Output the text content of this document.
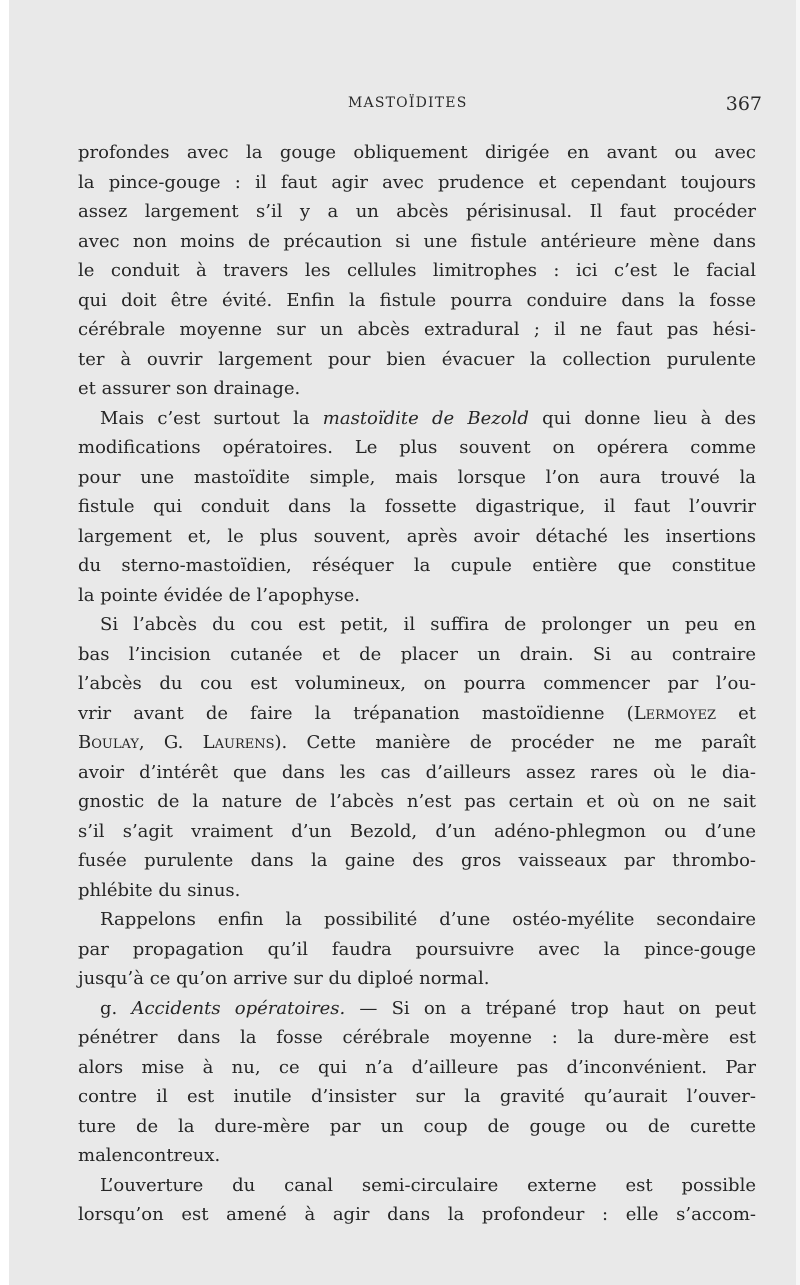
MASTOÏDITES	367
profondes avec la gouge obliquement dirigée en avant ou avec
la pince-gouge : il faut agir avec prudence et cependant toujours
assez largement s’il y a un abcès périsinusal. Il faut procéder
avec non moins de précaution si une fistule antérieure mène dans
le conduit à travers les cellules limitrophes : ici c’est le facial
qui doit être évité. Enfin la fistule pourra conduire dans la fosse
cérébrale moyenne sur un abcès extradural ; il ne faut pas hési-
ter à ouvrir largement pour bien évacuer la collection purulente
et assurer son drainage.
Mais c’est surtout la mastoïdite de Bezold qui donne lieu à des
modifications opératoires. Le plus souvent on opérera comme
pour une mastoïdite simple, mais lorsque l’on aura trouvé la
fistule qui conduit dans la fossette digastrique, il faut l’ouvrir
largement et, le plus souvent, après avoir détaché les insertions
du sterno-mastoïdien, réséquer la cupule entière que constitue
la pointe évidée de l’apophyse.
Si l’abcès du cou est petit, il suffira de prolonger un peu en
bas l’incision cutanée et de placer un drain. Si au contraire
l’abcès du cou est volumineux, on pourra commencer par l’ou-
vrir avant de faire la trépanation mastoïdienne (Lermoyez et
Boulay, G. Laurens). Cette manière de procéder ne me paraît
avoir d’intérêt que dans les cas d’ailleurs assez rares où le dia-
gnostic de la nature de l’abcès n’est pas certain et où on ne sait
s’il s’agit vraiment d’un Bezold, d’un adéno-phlegmon ou d’une
fusée purulente dans la gaine des gros vaisseaux par thrombo-
phlébite du sinus.
Rappelons enfin la possibilité d’une ostéo-myélite secondaire
par propagation qu’il faudra poursuivre avec la pince-gouge
jusqu’à ce qu’on arrive sur du diploé normal.
g. Accidents opératoires. — Si on a trépané trop haut on peut
pénétrer dans la fosse cérébrale moyenne : la dure-mère est
alors mise à nu, ce qui n’a d’ailleure pas d’inconvénient. Par
contre il est inutile d’insister sur la gravité qu’aurait l’ouver-
ture de la dure-mère par un coup de gouge ou de curette
malencontreux.
L’ouverture du canal semi-circulaire externe est possible
lorsqu’on est amené à agir dans la profondeur : elle s’accom-
